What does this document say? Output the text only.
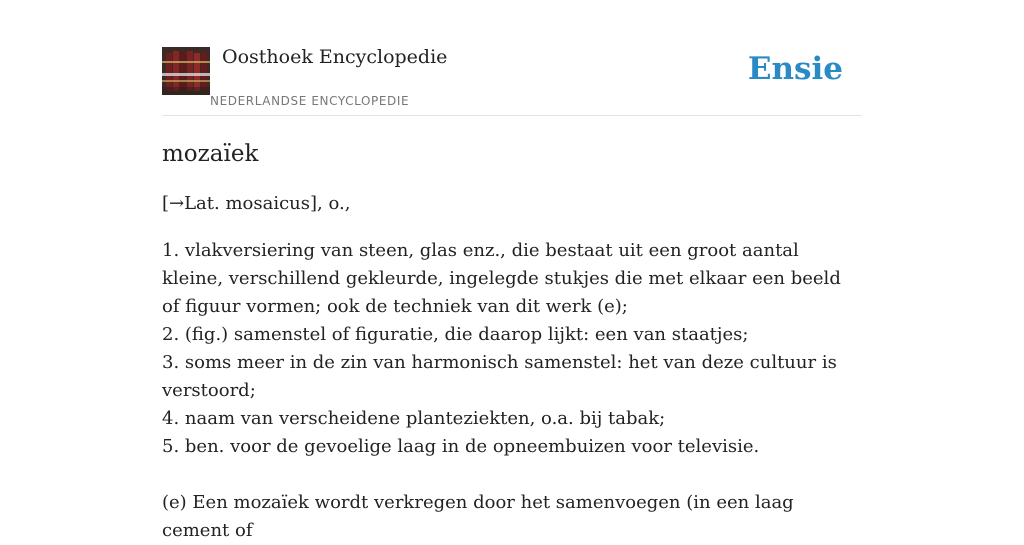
Oosthoek Encyclopedie
NEDERLANDSE ENCYCLOPEDIE
Ensie
mozaïek

[→Lat. mosaicus], o.,

1. vlakversiering van steen, glas enz., die bestaat uit een groot aantal kleine, verschillend gekleurde, ingelegde stukjes die met elkaar een beeld of figuur vormen; ook de techniek van dit werk (e);
2. (fig.) samenstel of figuratie, die daarop lijkt: een van staatjes;
3. soms meer in de zin van harmonisch samenstel: het van deze cultuur is verstoord;
4. naam van verscheidene planteziekten, o.a. bij tabak;
5. ben. voor de gevoelige laag in de opneembuizen voor televisie.

(e) Een mozaïek wordt verkregen door het samenvoegen (in een laag cement of
